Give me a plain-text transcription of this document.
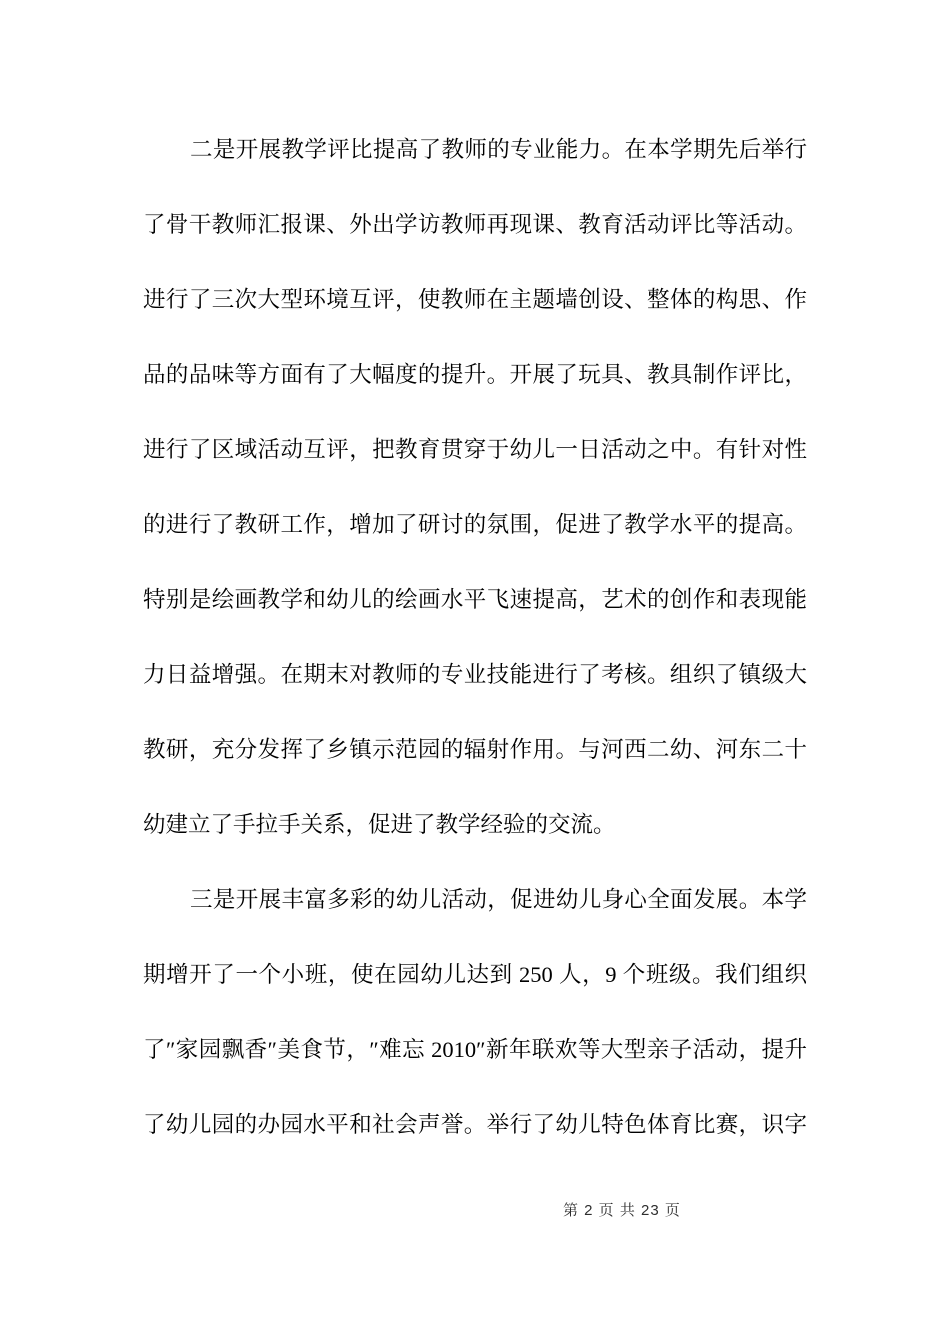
二是开展教学评比提高了教师的专业能力。在本学期先后举行
了骨干教师汇报课、外出学访教师再现课、教育活动评比等活动。
进行了三次大型环境互评，使教师在主题墙创设、整体的构思、作
品的品味等方面有了大幅度的提升。开展了玩具、教具制作评比，
进行了区域活动互评，把教育贯穿于幼儿一日活动之中。有针对性
的进行了教研工作，增加了研讨的氛围，促进了教学水平的提高。
特别是绘画教学和幼儿的绘画水平飞速提高，艺术的创作和表现能
力日益增强。在期末对教师的专业技能进行了考核。组织了镇级大
教研，充分发挥了乡镇示范园的辐射作用。与河西二幼、河东二十
幼建立了手拉手关系，促进了教学经验的交流。
三是开展丰富多彩的幼儿活动，促进幼儿身心全面发展。本学
期增开了一个小班，使在园幼儿达到 250 人，9 个班级。我们组织
了″家园飘香″美食节，″难忘 2010″新年联欢等大型亲子活动，提升
了幼儿园的办园水平和社会声誉。举行了幼儿特色体育比赛，识字
第 2 页 共 23 页
